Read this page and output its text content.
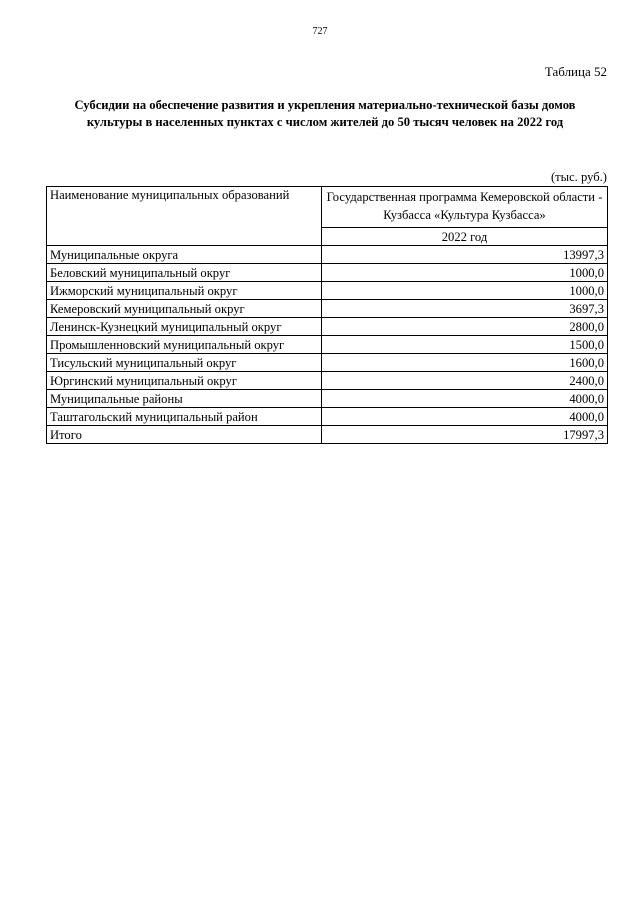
727
Таблица 52
Субсидии на обеспечение развития и укрепления материально-технической базы домов
культуры в населенных пунктах с числом жителей до 50 тысяч человек на 2022 год
(тыс. руб.)
Наименование муниципальных образований	Государственная программа Кемеровской области - Кузбасса «Культура Кузбасса»
	2022 год
Муниципальные округа	13997,3
Беловский муниципальный округ	1000,0
Ижморский муниципальный округ	1000,0
Кемеровский муниципальный округ	3697,3
Ленинск-Кузнецкий муниципальный округ	2800,0
Промышленновский муниципальный округ	1500,0
Тисульский муниципальный округ	1600,0
Юргинский муниципальный округ	2400,0
Муниципальные районы	4000,0
Таштагольский муниципальный район	4000,0
Итого	17997,3
